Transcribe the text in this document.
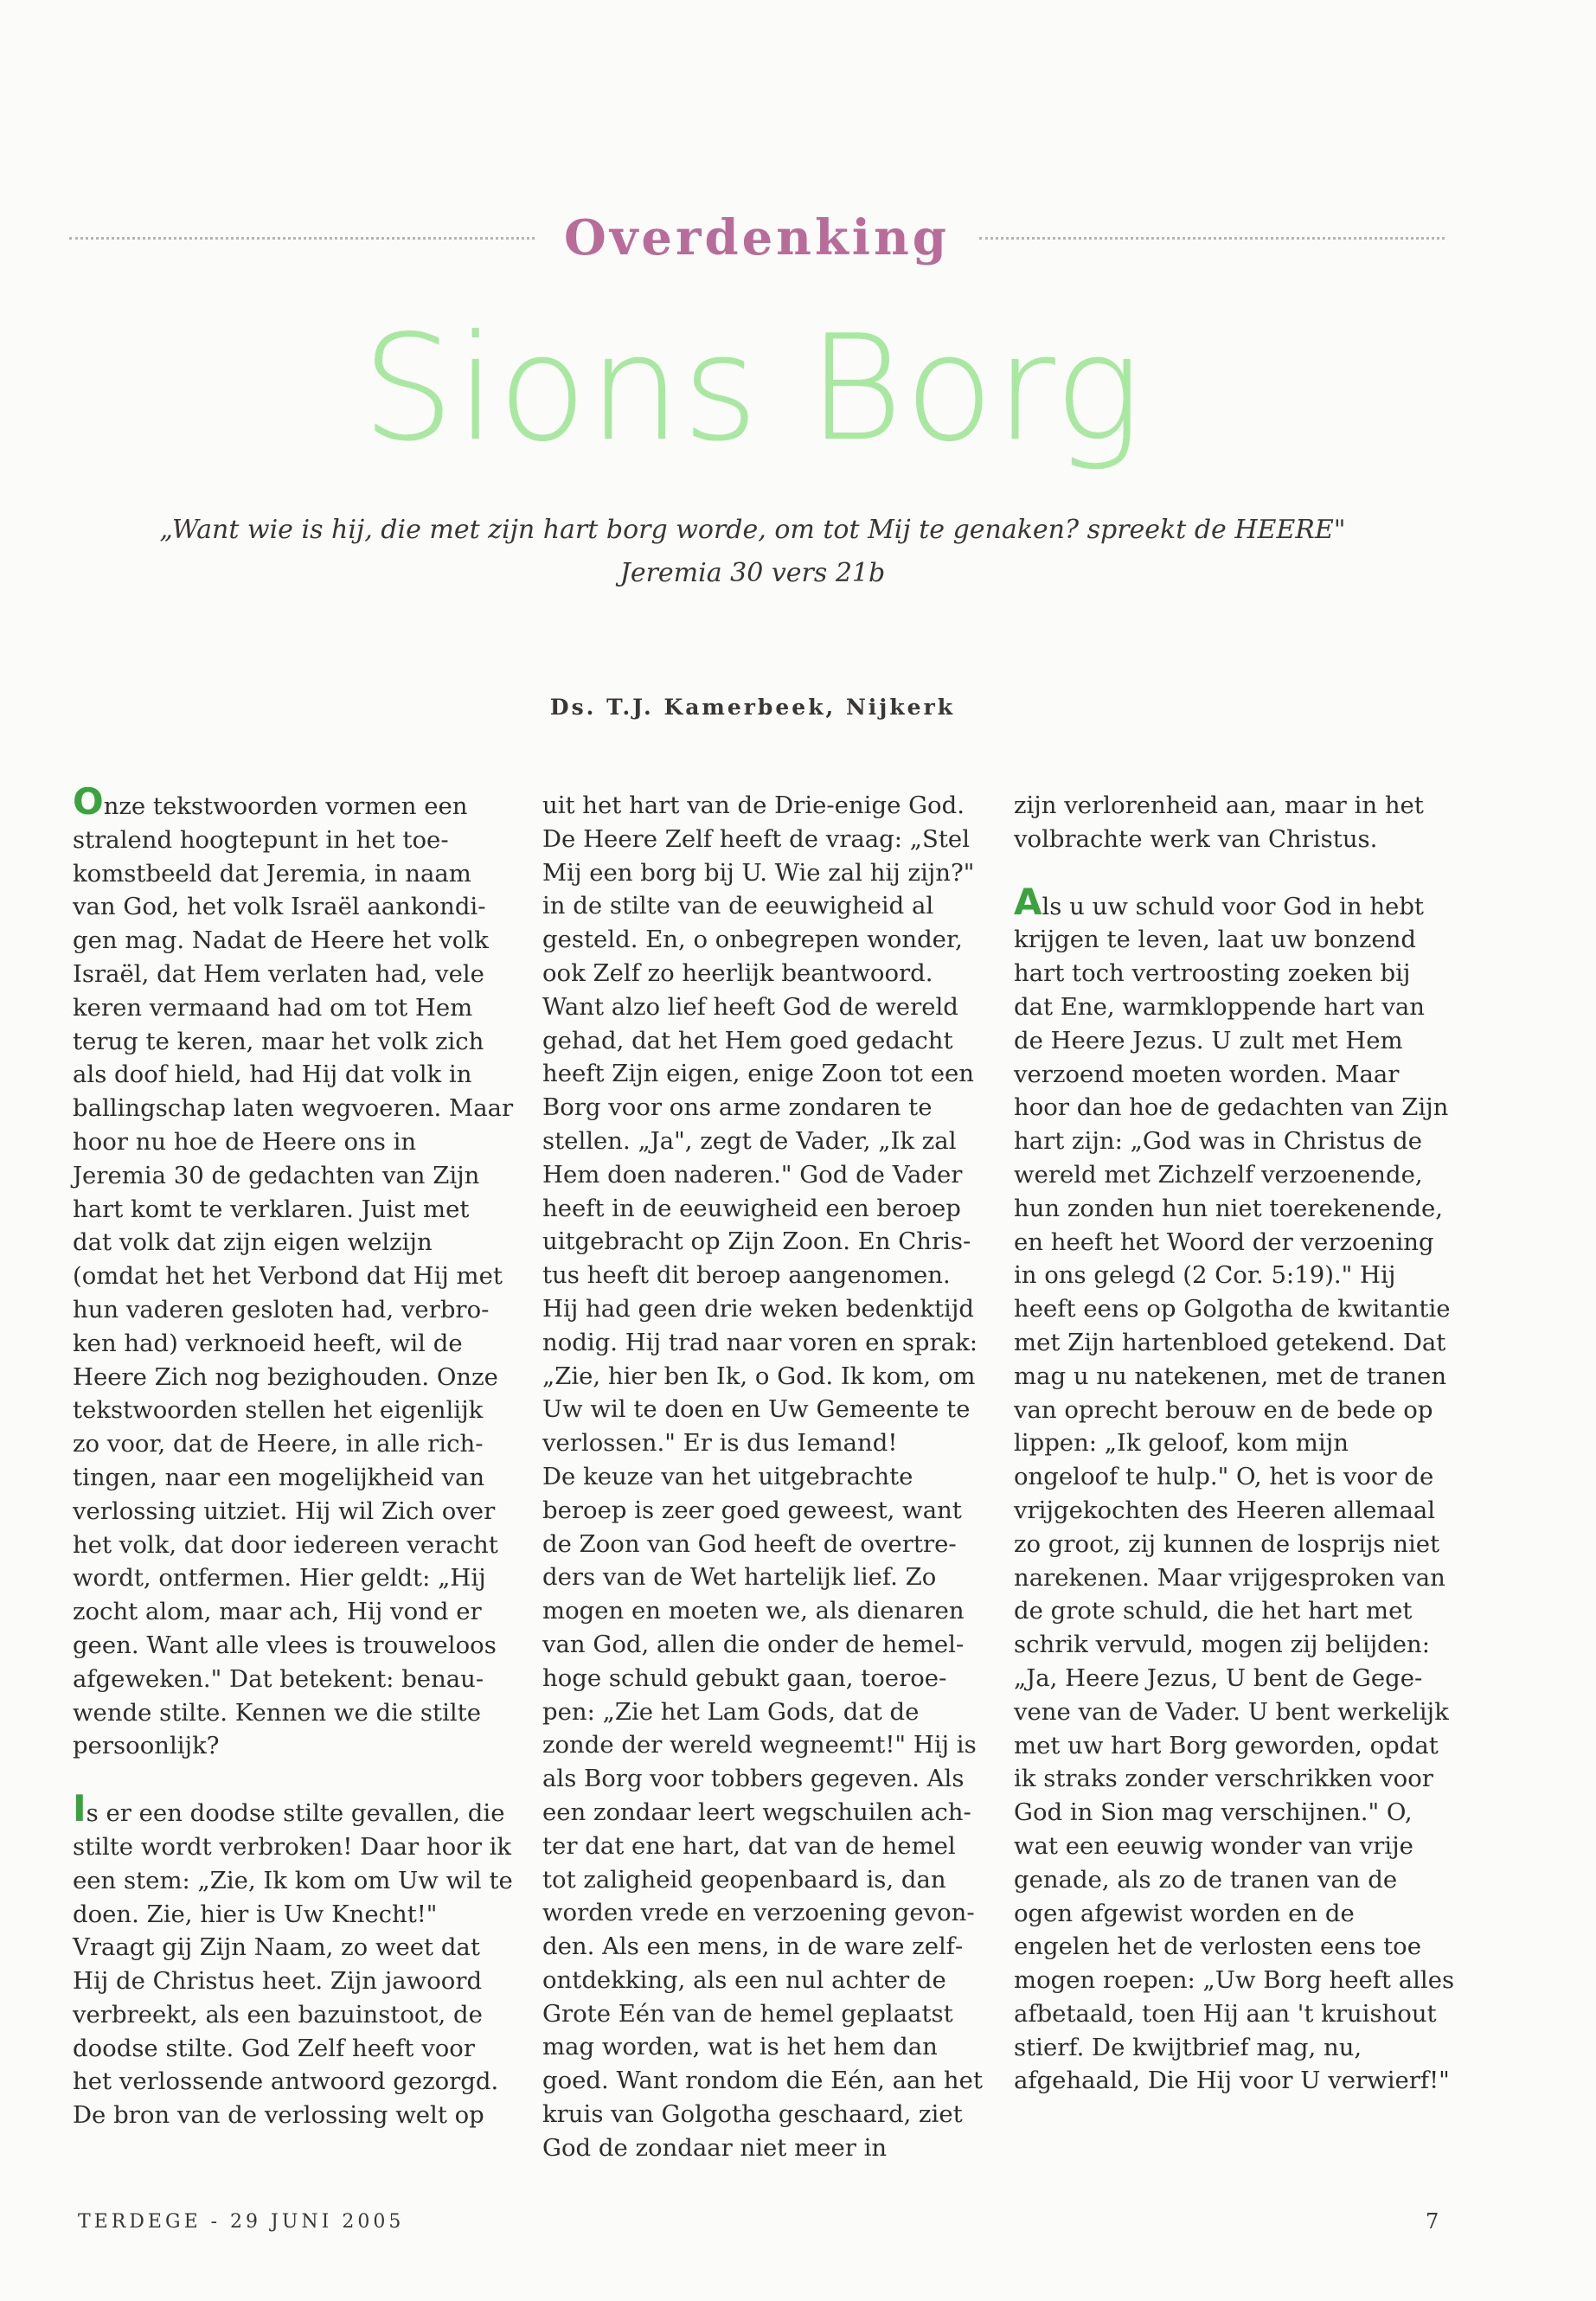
Overdenking
Sions Borg
„Want wie is hij, die met zijn hart borg worde, om tot Mij te genaken? spreekt de HEERE"
Jeremia 30 vers 21b
Ds. T.J. Kamerbeek, Nijkerk

Onze tekstwoorden vormen een stralend hoogtepunt in het toekomstbeeld dat Jeremia, in naam van God, het volk Israël aankondigen mag. Nadat de Heere het volk Israël, dat Hem verlaten had, vele keren vermaand had om tot Hem terug te keren, maar het volk zich als doof hield, had Hij dat volk in ballingschap laten wegvoeren. Maar hoor nu hoe de Heere ons in Jeremia 30 de gedachten van Zijn hart komt te verklaren. Juist met dat volk dat zijn eigen welzijn (omdat het het Verbond dat Hij met hun vaderen gesloten had, verbroken had) verknoeid heeft, wil de Heere Zich nog bezighouden. Onze tekstwoorden stellen het eigenlijk zo voor, dat de Heere, in alle richtingen, naar een mogelijkheid van verlossing uitziet. Hij wil Zich over het volk, dat door iedereen veracht wordt, ontfermen. Hier geldt: „Hij zocht alom, maar ach, Hij vond er geen. Want alle vlees is trouweloos afgeweken." Dat betekent: benauwende stilte. Kennen we die stilte persoonlijk?

Is er een doodse stilte gevallen, die stilte wordt verbroken! Daar hoor ik een stem: „Zie, Ik kom om Uw wil te doen. Zie, hier is Uw Knecht!" Vraagt gij Zijn Naam, zo weet dat Hij de Christus heet. Zijn jawoord verbreekt, als een bazuinstoot, de doodse stilte. God Zelf heeft voor het verlossende antwoord gezorgd.

De bron van de verlossing welt op

uit het hart van de Drie-enige God. De Heere Zelf heeft de vraag: „Stel Mij een borg bij U. Wie zal hij zijn?" in de stilte van de eeuwigheid al gesteld. En, o onbegrepen wonder, ook Zelf zo heerlijk beantwoord. Want alzo lief heeft God de wereld gehad, dat het Hem goed gedacht heeft Zijn eigen, enige Zoon tot een Borg voor ons arme zondaren te stellen. „Ja", zegt de Vader, „Ik zal Hem doen naderen." God de Vader heeft in de eeuwigheid een beroep uitgebracht op Zijn Zoon. En Christus heeft dit beroep aangenomen. Hij had geen drie weken bedenktijd nodig. Hij trad naar voren en sprak: „Zie, hier ben Ik, o God. Ik kom, om Uw wil te doen en Uw Gemeente te verlossen." Er is dus Iemand!

De keuze van het uitgebrachte beroep is zeer goed geweest, want de Zoon van God heeft de overtreders van de Wet hartelijk lief. Zo mogen en moeten we, als dienaren van God, allen die onder de hemelhoge schuld gebukt gaan, toeroepen: „Zie het Lam Gods, dat de zonde der wereld wegneemt!" Hij is als Borg voor tobbers gegeven. Als een zondaar leert wegschuilen achter dat ene hart, dat van de hemel tot zaligheid geopenbaard is, dan worden vrede en verzoening gevonden. Als een mens, in de ware zelfontdekking, als een nul achter de Grote Eén van de hemel geplaatst mag worden, wat is het hem dan goed. Want rondom die Eén, aan het kruis van Golgotha geschaard, ziet God de zondaar niet meer in

zijn verlorenheid aan, maar in het volbrachte werk van Christus.

Als u uw schuld voor God in hebt krijgen te leven, laat uw bonzend hart toch vertroosting zoeken bij dat Ene, warmkloppende hart van de Heere Jezus. U zult met Hem verzoend moeten worden. Maar hoor dan hoe de gedachten van Zijn hart zijn: „God was in Christus de wereld met Zichzelf verzoenende, hun zonden hun niet toerekenende, en heeft het Woord der verzoening in ons gelegd (2 Cor. 5:19)." Hij heeft eens op Golgotha de kwitantie met Zijn hartenbloed getekend. Dat mag u nu natekenen, met de tranen van oprecht berouw en de bede op lippen: „Ik geloof, kom mijn ongeloof te hulp." O, het is voor de vrijgekochten des Heeren allemaal zo groot, zij kunnen de losprijs niet narekenen. Maar vrijgesproken van de grote schuld, die het hart met schrik vervuld, mogen zij belijden: „Ja, Heere Jezus, U bent de Gegevene van de Vader. U bent werkelijk met uw hart Borg geworden, opdat ik straks zonder verschrikken voor God in Sion mag verschijnen." O, wat een eeuwig wonder van vrije genade, als zo de tranen van de ogen afgewist worden en de engelen het de verlosten eens toe mogen roepen: „Uw Borg heeft alles afbetaald, toen Hij aan 't kruishout stierf. De kwijtbrief mag, nu, afgehaald, Die Hij voor U verwierf!"

TERDEGE - 29 JUNI 2005	7
